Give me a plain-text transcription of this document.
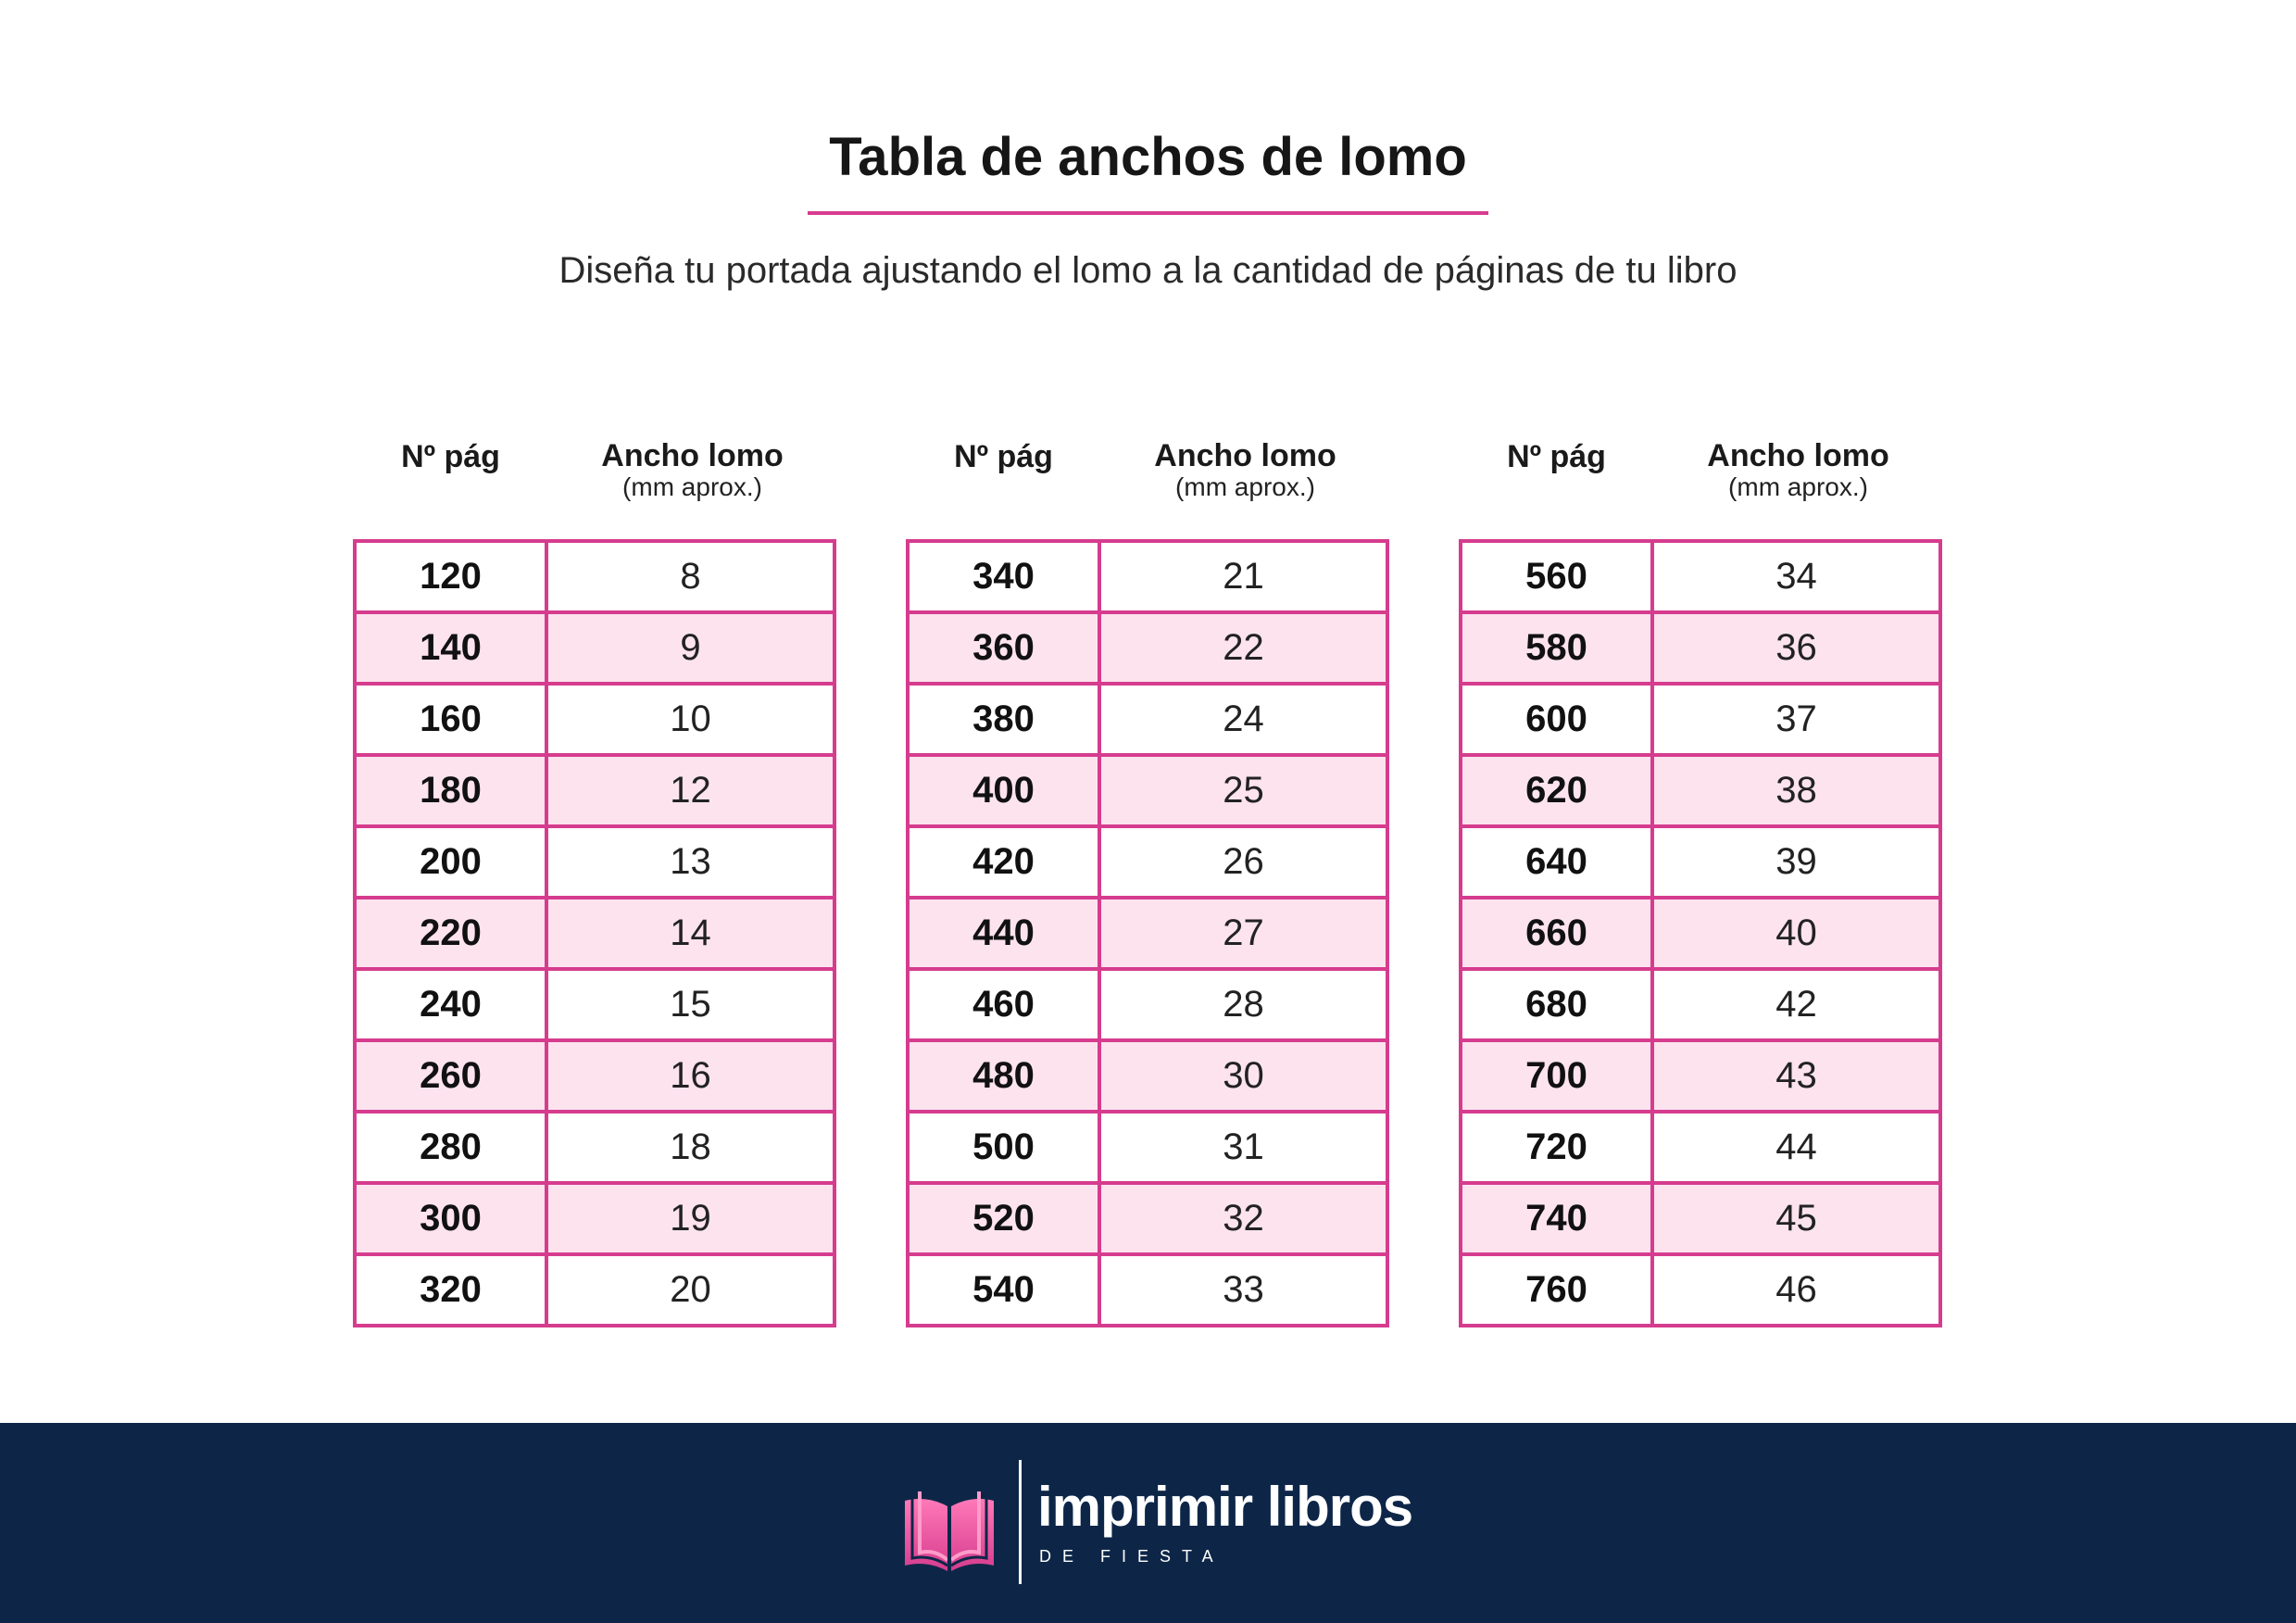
Tabla de anchos de lomo

Diseña tu portada ajustando el lomo a la cantidad de páginas de tu libro

Nº pág	Ancho lomo
(mm aprox.)
120	8
140	9
160	10
180	12
200	13
220	14
240	15
260	16
280	18
300	19
320	20
Nº pág	Ancho lomo
(mm aprox.)
340	21
360	22
380	24
400	25
420	26
440	27
460	28
480	30
500	31
520	32
540	33
Nº pág	Ancho lomo
(mm aprox.)
560	34
580	36
600	37
620	38
640	39
660	40
680	42
700	43
720	44
740	45
760	46
imprimir libros
DE FIESTA
